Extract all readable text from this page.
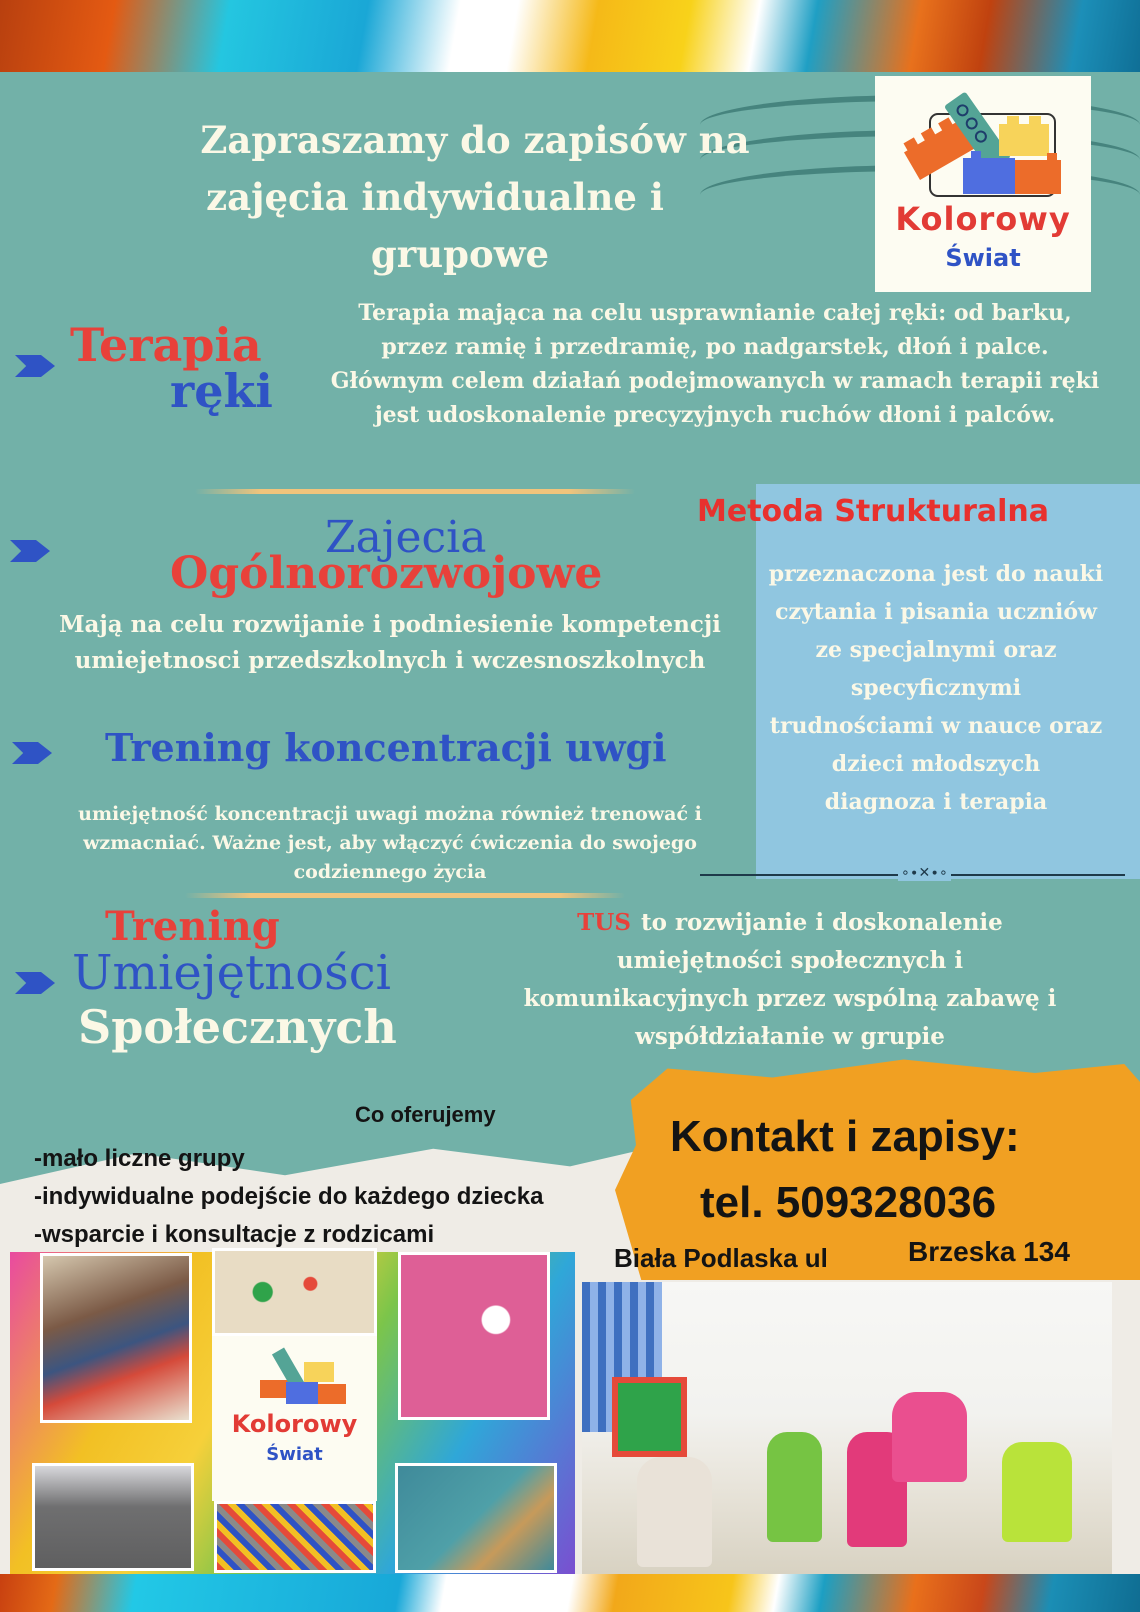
Zapraszamy do zapisów na
zajęcia indywidualne i
grupowe
Kolorowy
Świat
Terapia
ręki
Terapia mająca na celu usprawnianie całej ręki: od barku, przez ramię i przedramię, po nadgarstek, dłoń i palce. Głównym celem działań podejmowanych w ramach terapii ręki jest udoskonalenie precyzyjnych ruchów dłoni i palców.
Zajecia
Ogólnorozwojowe
Mają na celu rozwijanie i podniesienie kompetencji umiejetnosci przedszkolnych i wczesnoszkolnych
Trening koncentracji uwgi
umiejętność koncentracji uwagi można również trenować i wzmacniać. Ważne jest, aby włączyć ćwiczenia do swojego codziennego życia
Metoda Strukturalna
przeznaczona jest do nauki
czytania i pisania uczniów
ze specjalnymi oraz
specyficznymi
trudnościami w nauce oraz
dzieci młodszych
diagnoza i terapia
∘∙✕∙∘
Trening
Umiejętności
Społecznych
TUS to rozwijanie i doskonalenie umiejętności społecznych i komunikacyjnych przez wspólną zabawę i współdziałanie w grupie
Co oferujemy
-mało liczne grupy
-indywidualne podejście do każdego dziecka
-wsparcie i konsultacje z rodzicami
Kontakt i zapisy:
tel. 509328036
Biała Podlaska ul	Brzeska 134
Kolorowy
Świat
